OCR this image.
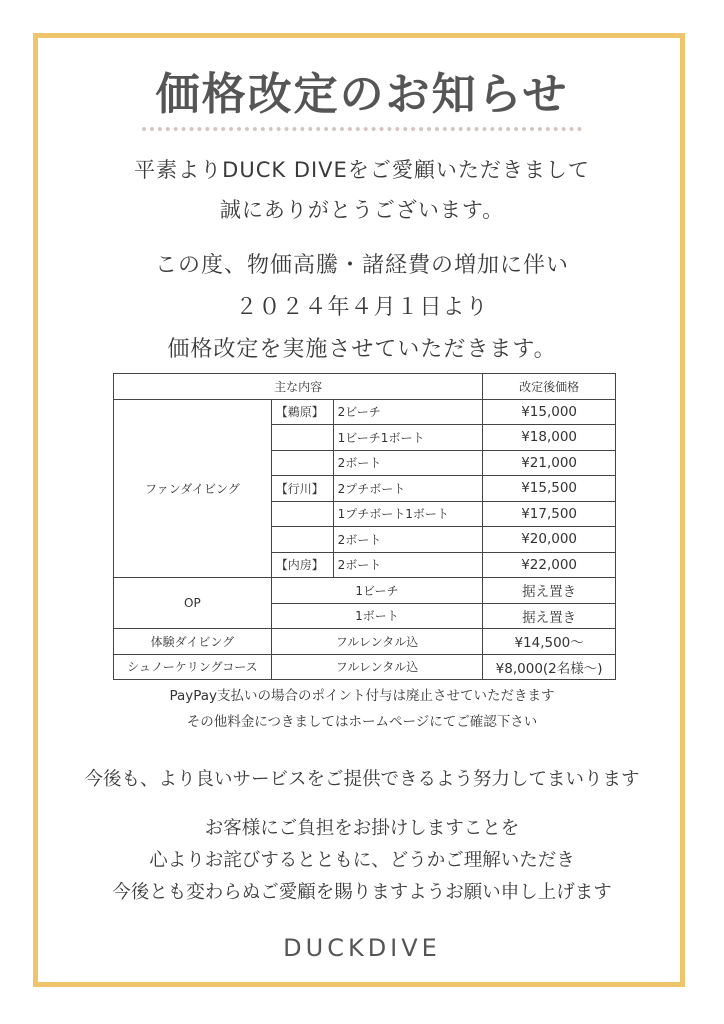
価格改定のお知らせ
平素よりDUCK DIVEをご愛顧いただきまして
誠にありがとうございます。
この度、物価高騰・諸経費の増加に伴い
２０２４年４月１日より
価格改定を実施させていただきます。
主な内容			改定後価格
ファンダイビング	【鵜原】	2ビーチ	¥15,000
		1ビーチ1ボート	¥18,000
		2ボート	¥21,000
	【行川】	2プチボート	¥15,500
		1プチボート1ボート	¥17,500
		2ボート	¥20,000
	【内房】	2ボート	¥22,000
OP	1ビーチ		据え置き
	1ボート		据え置き
体験ダイビング	フルレンタル込		¥14,500〜
シュノーケリングコース	フルレンタル込		¥8,000(2名様〜)
PayPay支払いの場合のポイント付与は廃止させていただきます
その他料金につきましてはホームページにてご確認下さい
今後も、より良いサービスをご提供できるよう努力してまいります
お客様にご負担をお掛けしますことを
心よりお詫びするとともに、どうかご理解いただき
今後とも変わらぬご愛顧を賜りますようお願い申し上げます
DUCKDIVE
